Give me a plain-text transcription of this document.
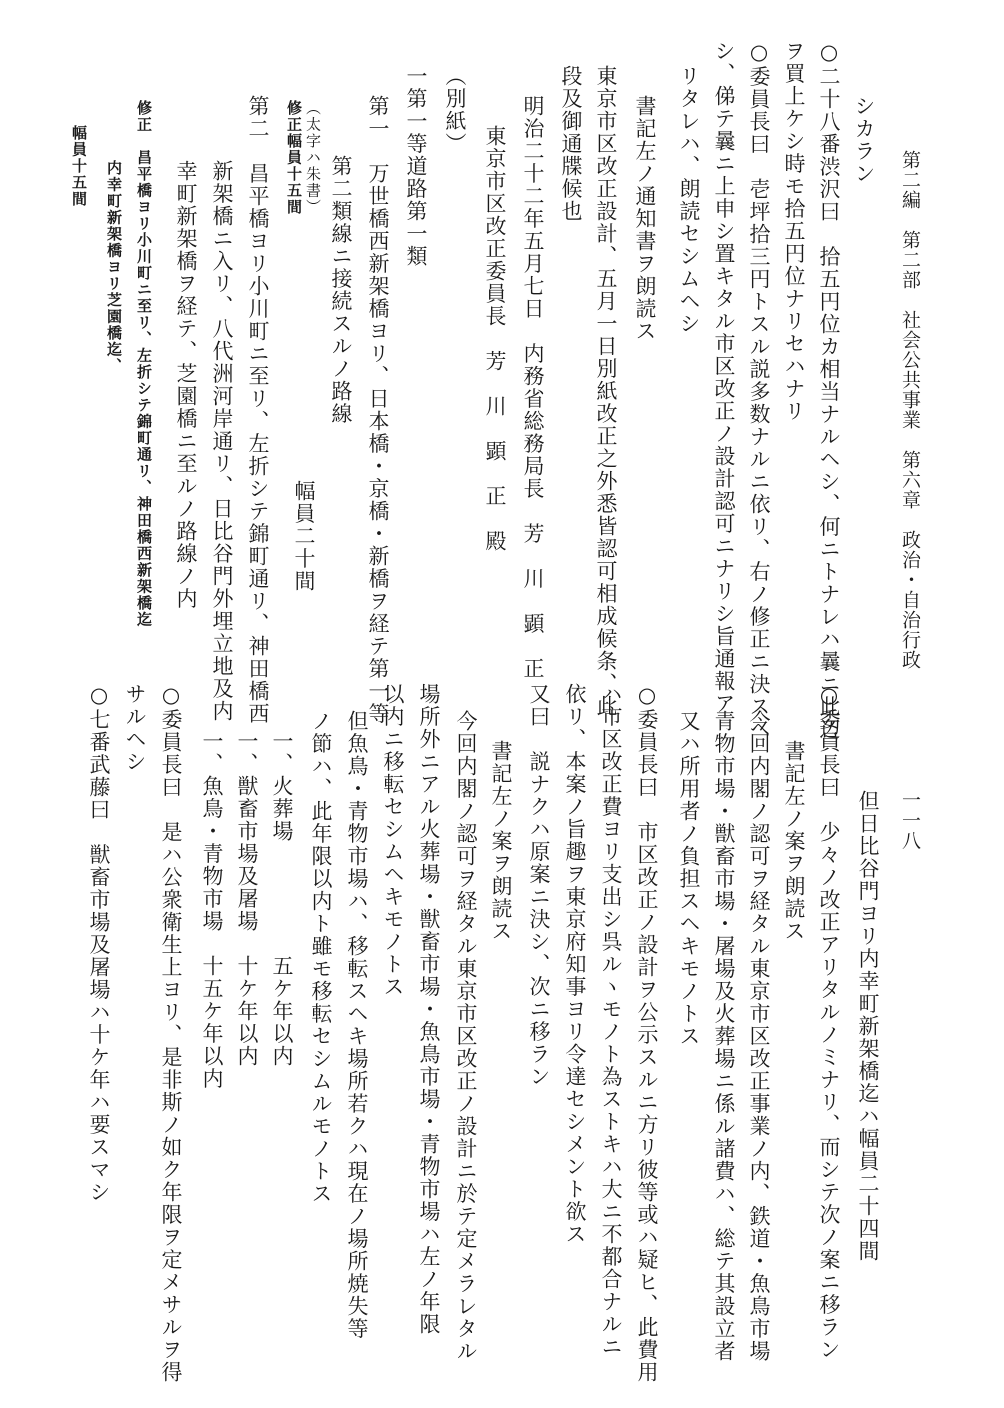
第二編　第二部　社会公共事業　第六章　政治・自治行政
一一八
シカラン
○二十八番渋沢曰　拾五円位カ相当ナルヘシ、何ニトナレハ曩ニ此辺
ヲ買上ケシ時モ拾五円位ナリセハナリ
○委員長曰　壱坪拾三円トスル説多数ナルニ依リ、右ノ修正ニ決スヘ
シ、俤テ曩ニ上申シ置キタル市区改正ノ設計認可ニナリシ旨通報ア
リタレハ、朗読セシムヘシ
書記左ノ通知書ヲ朗読ス
東京市区改正設計、五月一日別紙改正之外悉皆認可相成候条、此
段及御通牒候也
明治二十二年五月七日　内務省総務局長　芳　川　顕　正
東京市区改正委員長　芳　川　顕　正　殿
（別紙）
一第一等道路第一類
第一　万世橋西新架橋ヨリ、日本橋・京橋・新橋ヲ経テ第一等
第二類線ニ接続スルノ路線
幅員二十間
（太字ハ朱書）
修正幅員十五間
第二　昌平橋ヨリ小川町ニ至リ、左折シテ錦町通リ、神田橋西
新架橋ニ入リ、八代洲河岸通リ、日比谷門外埋立地及内
幸町新架橋ヲ経テ、芝園橋ニ至ルノ路線ノ内
修正　昌平橋ヨリ小川町ニ至リ、左折シテ錦町通リ、神田橋西新架橋迄
内幸町新架橋ヨリ芝園橋迄、
幅員十五間
但日比谷門ヨリ内幸町新架橋迄ハ幅員二十四間
○委員長曰　少々ノ改正アリタルノミナリ、而シテ次ノ案ニ移ラン
書記左ノ案ヲ朗読ス
今回内閣ノ認可ヲ経タル東京市区改正事業ノ内、鉄道・魚鳥市場
青物市場・獣畜市場・屠場及火葬場ニ係ル諸費ハ、総テ其設立者
又ハ所用者ノ負担スヘキモノトス
○委員長曰　市区改正ノ設計ヲ公示スルニ方リ彼等或ハ疑ヒ、此費用
ハ市区改正費ヨリ支出シ呉ルヽモノト為ストキハ大ニ不都合ナルニ
依リ、本案ノ旨趣ヲ東京府知事ヨリ令達セシメント欲ス
又曰　説ナクハ原案ニ決シ、次ニ移ラン
書記左ノ案ヲ朗読ス
今回内閣ノ認可ヲ経タル東京市区改正ノ設計ニ於テ定メラレタル
場所外ニアル火葬場・獣畜市場・魚鳥市場・青物市場ハ左ノ年限
以内ニ移転セシムヘキモノトス
但魚鳥・青物市場ハ、移転スヘキ場所若クハ現在ノ場所焼失等
ノ節ハ、此年限以内ト雖モ移転セシムルモノトス
一、火葬場　　　　　五ケ年以内
一、獣畜市場及屠場　十ケ年以内
一、魚鳥・青物市場　十五ケ年以内
○委員長曰　是ハ公衆衛生上ヨリ、是非斯ノ如ク年限ヲ定メサルヲ得
サルヘシ
○七番武藤曰　獣畜市場及屠場ハ十ケ年ハ要スマシ
